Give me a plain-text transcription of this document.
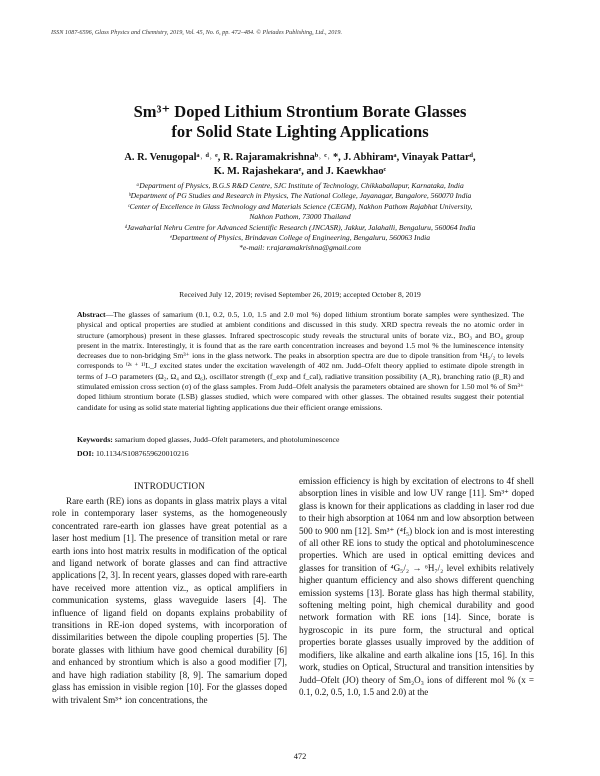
ISSN 1087-6596, Glass Physics and Chemistry, 2019, Vol. 45, No. 6, pp. 472–484. © Pleiades Publishing, Ltd., 2019.
Sm³⁺ Doped Lithium Strontium Borate Glasses
for Solid State Lighting Applications
A. R. Venugopalᵃ˒ ᵈ˒ ᵉ, R. Rajaramakrishnaᵇ˒ ᶜ˒ *, J. Abhiramᵃ, Vinayak Pattarᵈ,
K. M. Rajashekaraᵉ, and J. Kaewkhaoᶜ
ᵃDepartment of Physics, B.G.S R&D Centre, SJC Institute of Technology, Chikkaballapur, Karnataka, India
ᵇDepartment of PG Studies and Research in Physics, The National College, Jayanagar, Bangalore, 560070 India
ᶜCenter of Excellence in Glass Technology and Materials Science (CEGM), Nakhon Pathom Rajabhat University,
Nakhon Pathom, 73000 Thailand
ᵈJawaharlal Nehru Centre for Advanced Scientific Research (JNCASR), Jakkur, Jalahalli, Bengaluru, 560064 India
ᵉDepartment of Physics, Brindavan College of Engineering, Bengaluru, 560063 India
*e-mail: r.rajaramakrishna@gmail.com
Received July 12, 2019; revised September 26, 2019; accepted October 8, 2019
Abstract—The glasses of samarium (0.1, 0.2, 0.5, 1.0, 1.5 and 2.0 mol %) doped lithium strontium borate samples were synthesized. The physical and optical properties are studied at ambient conditions and discussed in this study. XRD spectra reveals the no atomic order in structure (amorphous) present in these glasses. Infrared spectroscopic study reveals the structural units of borate viz., BO₃ and BO₄ group present in the matrix. Interestingly, it is found that as the rare earth concentration increases and beyond 1.5 mol % the luminescence intensity decreases due to non-bridging Sm³⁺ ions in the glass network. The peaks in absorption spectra are due to dipole transition from ⁶H₅/₂ to levels corresponds to ⁽²ˢ ⁺ ¹⁾L_J excited states under the excitation wavelength of 402 nm. Judd–Ofelt theory applied to estimate dipole strength in terms of J–O parameters (Ω₂, Ω₄ and Ω₆), oscillator strength (f_exp and f_cal), radiative transition possibility (A_R), branching ratio (β_R) and stimulated emission cross section (σ) of the glass samples. From Judd–Ofelt analysis the parameters obtained are shown for 1.50 mol % of Sm³⁺ doped lithium strontium borate (LSB) glasses studied, which were compared with other glasses. The obtained results suggest their potential candidate for using as solid state material lighting applications due their efficient orange emissions.
Keywords: samarium doped glasses, Judd–Ofelt parameters, and photoluminescence
DOI: 10.1134/S1087659620010216
INTRODUCTION

Rare earth (RE) ions as dopants in glass matrix plays a vital role in contemporary laser systems, as the homogeneously concentrated rare-earth ion glasses have great potential as a laser host medium [1]. The presence of transition metal or rare earth ions into host matrix results in modification of the optical and ligand network of borate glasses and can find attractive applications [2, 3]. In recent years, glasses doped with rare-earth have received more attention viz., as optical amplifiers in communication systems, glass waveguide lasers [4]. The influence of ligand field on dopants explains probability of transitions in RE-ion doped systems, with incorporation of dissimilarities between the dipole coupling properties [5]. The borate glasses with lithium have good chemical durability [6] and enhanced by strontium which is also a good modifier [7], and have high radiation stability [8, 9]. The samarium doped glass has emission in visible region [10]. For the glasses doped with trivalent Sm³⁺ ion concentrations, the

emission efficiency is high by excitation of electrons to 4f shell absorption lines in visible and low UV range [11]. Sm³⁺ doped glass is known for their applications as cladding in laser rod due to their high absorption at 1064 nm and low absorption between 500 to 900 nm [12]. Sm³⁺ (⁴f₅) block ion and is most interesting of all other RE ions to study the optical and photoluminescence properties. Which are used in optical emitting devices and glasses for transition of ⁴G₅/₂ → ⁶H₇/₂ level exhibits relatively higher quantum efficiency and also shows different quenching emission systems [13]. Borate glass has high thermal stability, softening melting point, high chemical durability and good network formation with RE ions [14]. Since, borate is hygroscopic in its pure form, the structural and optical properties borate glasses usually improved by the addition of modifiers, like alkaline and earth alkaline ions [15, 16]. In this work, studies on Optical, Structural and transition intensities by Judd–Ofelt (JO) theory of Sm₂O₃ ions of different mol % (x = 0.1, 0.2, 0.5, 1.0, 1.5 and 2.0) at the

472
